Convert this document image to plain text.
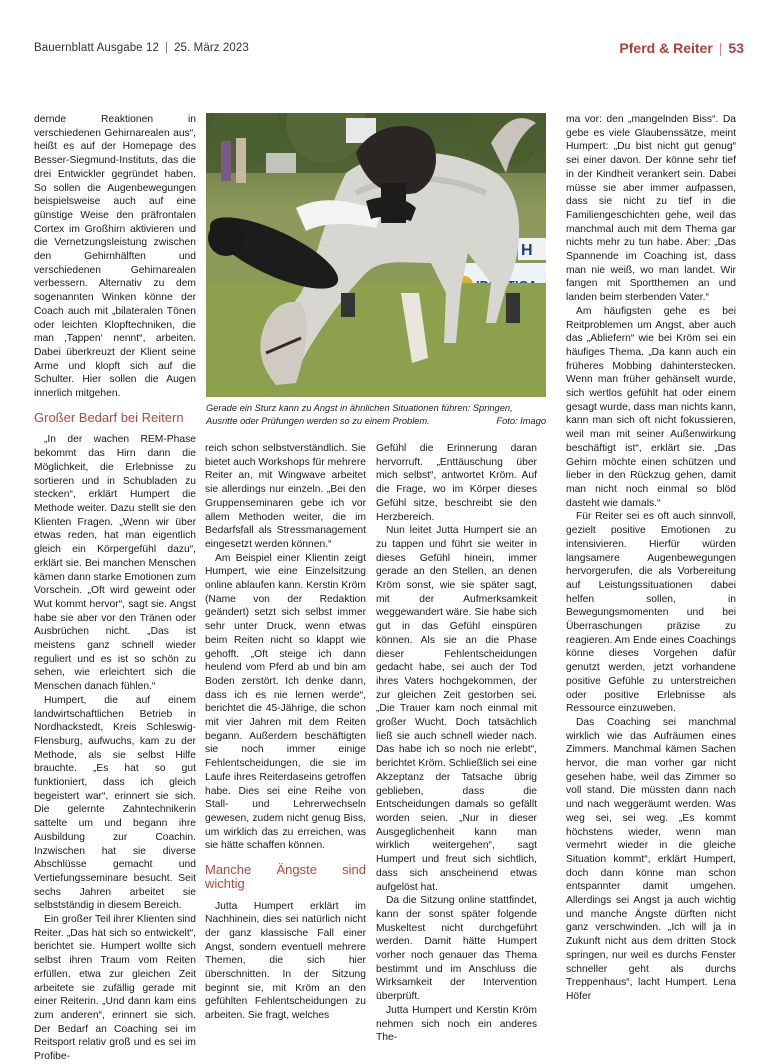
Bauernblatt Ausgabe 12 | 25. März 2023	Pferd & Reiter | 53

dernde Reaktionen in verschiedenen Gehirnarealen aus“, heißt es auf der Homepage des Besser-Siegmund-Instituts, das die drei Entwickler gegründet haben. So sollen die Augenbewegungen beispielsweise auch auf eine günstige Weise den präfrontalen Cortex im Großhirn aktivieren und die Vernetzungsleistung zwischen den Gehirnhälften und verschiedenen Gehirnarealen verbessern. Alternativ zu dem sogenannten Winken könne der Coach auch mit „bilateralen Tönen oder leichten Klopftechniken, die man ‚Tappen‘ nennt“, arbeiten. Dabei überkreuzt der Klient seine Arme und klopft sich auf die Schulter. Hier sollen die Augen innerlich mitgehen.

Großer Bedarf bei Reitern

„In der wachen REM-Phase bekommt das Hirn dann die Möglichkeit, die Erlebnisse zu sortieren und in Schubladen zu stecken“, erklärt Humpert die Methode weiter. Dazu stellt sie den Klienten Fragen. „Wenn wir über etwas reden, hat man eigentlich gleich ein Körpergefühl dazu“, erklärt sie. Bei manchen Menschen kämen dann starke Emotionen zum Vorschein. „Oft wird geweint oder Wut kommt hervor“, sagt sie. Angst habe sie aber vor den Tränen oder Ausbrüchen nicht. „Das ist meistens ganz schnell wieder reguliert und es ist so schön zu sehen, wie erleichtert sich die Menschen danach fühlen.“

Humpert, die auf einem landwirtschaftlichen Betrieb in Nordhackstedt, Kreis Schleswig-Flensburg, aufwuchs, kam zu der Methode, als sie selbst Hilfe brauchte. „Es hat so gut funktioniert, dass ich gleich begeistert war“, erinnert sie sich. Die gelernte Zahntechnikerin sattelte um und begann ihre Ausbildung zur Coachin. Inzwischen hat sie diverse Abschlüsse gemacht und Vertiefungsseminare besucht. Seit sechs Jahren arbeitet sie selbstständig in diesem Bereich.

Ein großer Teil ihrer Klienten sind Reiter. „Das hat sich so entwickelt“, berichtet sie. Humpert wollte sich selbst ihren Traum vom Reiten erfüllen, etwa zur gleichen Zeit arbeitete sie zufällig gerade mit einer Reiterin. „Und dann kam eins zum anderen“, erinnert sie sich. Der Bedarf an Coaching sei im Reitsport relativ groß und es sei im Profibe-

H
Gerade ein Sturz kann zu Angst in ähnlichen Situationen führen: Springen, Ausritte oder Prüfungen werden so zu einem Problem.	Foto: Imago

reich schon selbstverständlich. Sie bietet auch Workshops für mehrere Reiter an, mit Wingwave arbeitet sie allerdings nur einzeln. „Bei den Gruppenseminaren gebe ich vor allem Methoden weiter, die im Bedarfsfall als Stressmanagement eingesetzt werden können.“

Am Beispiel einer Klientin zeigt Humpert, wie eine Einzelsitzung online ablaufen kann. Kerstin Kröm (Name von der Redaktion geändert) setzt sich selbst immer sehr unter Druck, wenn etwas beim Reiten nicht so klappt wie gehofft. „Oft steige ich dann heulend vom Pferd ab und bin am Boden zerstört. Ich denke dann, dass ich es nie lernen werde“, berichtet die 45-Jährige, die schon mit vier Jahren mit dem Reiten begann. Außerdem beschäftigten sie noch immer einige Fehlentscheidungen, die sie im Laufe ihres Reiterdaseins getroffen habe. Dies sei eine Reihe von Stall- und Lehrerwechseln gewesen, zudem nicht genug Biss, um wirklich das zu erreichen, was sie hätte schaffen können.

Manche Ängste sind wichtig

Jutta Humpert erklärt im Nachhinein, dies sei natürlich nicht der ganz klassische Fall einer Angst, sondern eventuell mehrere Themen, die sich hier überschnitten. In der Sitzung beginnt sie, mit Kröm an den gefühlten Fehlentscheidungen zu arbeiten. Sie fragt, welches

Gefühl die Erinnerung daran hervorruft. „Enttäuschung über mich selbst“, antwortet Kröm. Auf die Frage, wo im Körper dieses Gefühl sitze, beschreibt sie den Herzbereich.

Nun leitet Jutta Humpert sie an zu tappen und führt sie weiter in dieses Gefühl hinein, immer gerade an den Stellen, an denen Kröm sonst, wie sie später sagt, mit der Aufmerksamkeit weggewandert wäre. Sie habe sich gut in das Gefühl einspüren können. Als sie an die Phase dieser Fehlentscheidungen gedacht habe, sei auch der Tod ihres Vaters hochgekommen, der zur gleichen Zeit gestorben sei. „Die Trauer kam noch einmal mit großer Wucht. Doch tatsächlich ließ sie auch schnell wieder nach. Das habe ich so noch nie erlebt“, berichtet Kröm. Schließlich sei eine Akzeptanz der Tatsache übrig geblieben, dass die Entscheidungen damals so gefällt worden seien. „Nur in dieser Ausgeglichenheit kann man wirklich weitergehen“, sagt Humpert und freut sich sichtlich, dass sich anscheinend etwas aufgelöst hat.

Da die Sitzung online stattfindet, kann der sonst später folgende Muskeltest nicht durchgeführt werden. Damit hätte Humpert vorher noch genauer das Thema bestimmt und im Anschluss die Wirksamkeit der Intervention überprüft.

Jutta Humpert und Kerstin Kröm nehmen sich noch ein anderes The-

ma vor: den „mangelnden Biss“. Da gebe es viele Glaubenssätze, meint Humpert: „Du bist nicht gut genug“ sei einer davon. Der könne sehr tief in der Kindheit verankert sein. Dabei müsse sie aber immer aufpassen, dass sie nicht zu tief in die Familiengeschichten gehe, weil das manchmal auch mit dem Thema gar nichts mehr zu tun habe. Aber: „Das Spannende im Coaching ist, dass man nie weiß, wo man landet. Wir fangen mit Sportthemen an und landen beim sterbenden Vater.“

Am häufigsten gehe es bei Reitproblemen um Angst, aber auch das „Abliefern“ wie bei Kröm sei ein häufiges Thema. „Da kann auch ein früheres Mobbing dahinterstecken. Wenn man früher gehänselt wurde, sich wertlos gefühlt hat oder einem gesagt wurde, dass man nichts kann, kann man sich oft nicht fokussieren, weil man mit seiner Außenwirkung beschäftigt ist“, erklärt sie. „Das Gehirn möchte einen schützen und lieber in den Rückzug gehen, damit man nicht noch einmal so blöd dasteht wie damals.“

Für Reiter sei es oft auch sinnvoll, gezielt positive Emotionen zu intensivieren. Hierfür würden langsamere Augenbewegungen hervorgerufen, die als Vorbereitung auf Leistungssituationen dabei helfen sollen, in Bewegungsmomenten und bei Überraschungen präzise zu reagieren. Am Ende eines Coachings könne dieses Vorgehen dafür genutzt werden, jetzt vorhandene positive Gefühle zu unterstreichen oder positive Erlebnisse als Ressource einzuweben.

Das Coaching sei manchmal wirklich wie das Aufräumen eines Zimmers. Manchmal kämen Sachen hervor, die man vorher gar nicht gesehen habe, weil das Zimmer so voll stand. Die müssten dann nach und nach weggeräumt werden. Was weg sei, sei weg. „Es kommt höchstens wieder, wenn man vermehrt wieder in die gleiche Situation kommt“, erklärt Humpert, doch dann könne man schon entspannter damit umgehen. Allerdings sei Angst ja auch wichtig und manche Ängste dürften nicht ganz verschwinden. „Ich will ja in Zukunft nicht aus dem dritten Stock springen, nur weil es durchs Fenster schneller geht als durchs Treppenhaus“, lacht Humpert. Lena Höfer
